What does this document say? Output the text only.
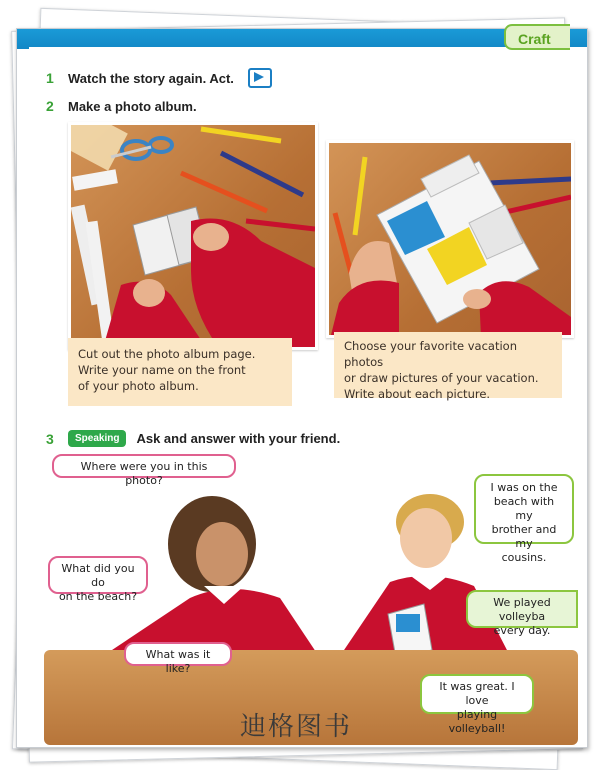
Craft
1	Watch the story again. Act.
2	Make a photo album.
Cut out the photo album page.
Write your name on the front
of your photo album.
Choose your favorite vacation photos
or draw pictures of your vacation.
Write about each picture.
3	Speaking	Ask and answer with your friend.
Where were you in this photo?
What did you do
on the beach?
What was it like?
I was on the
beach with my
brother and my
cousins.
We played volleyba
every day.
It was great. I love
playing volleyball!
迪格图书
